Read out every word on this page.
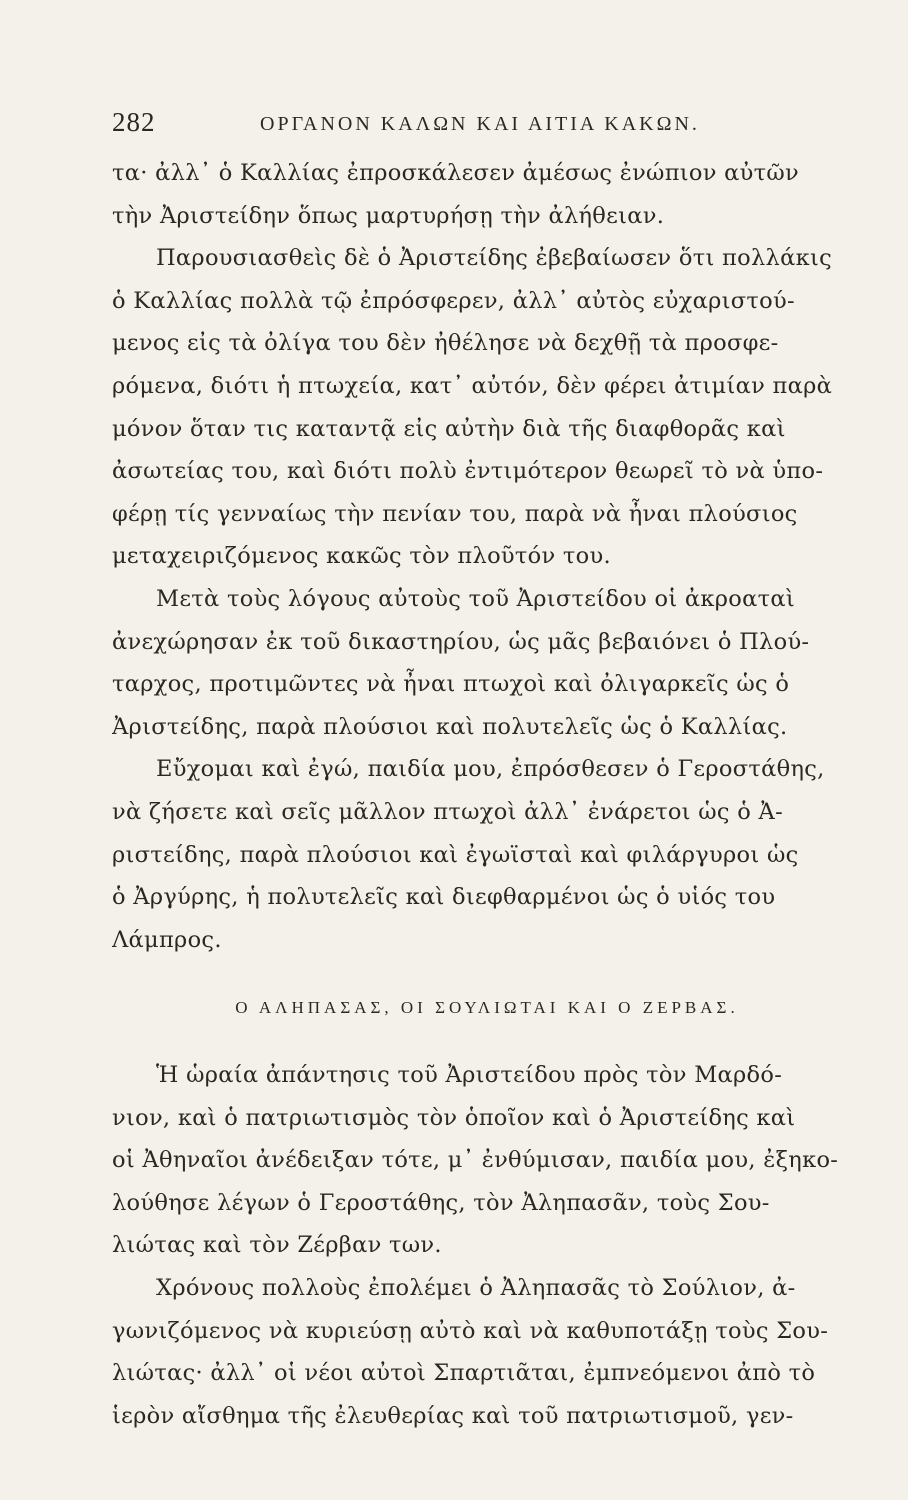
282	ΟΡΓΑΝΟΝ ΚΑΛΩΝ ΚΑΙ ΑΙΤΙΑ ΚΑΚΩΝ.
τα· ἀλλ᾽ ὁ Καλλίας ἐπροσκάλεσεν ἀμέσως ἐνώπιον αὐτῶν
τὴν Ἀριστείδην ὅπως μαρτυρήσῃ τὴν ἀλήθειαν.
Παρουσιασθεὶς δὲ ὁ Ἀριστείδης ἐβεβαίωσεν ὅτι πολλάκις
ὁ Καλλίας πολλὰ τῷ ἐπρόσφερεν, ἀλλ᾽ αὐτὸς εὐχαριστού-
μενος εἰς τὰ ὀλίγα του δὲν ἠθέλησε νὰ δεχθῇ τὰ προσφε-
ρόμενα, διότι ἡ πτωχεία, κατ᾽ αὐτόν, δὲν φέρει ἀτιμίαν παρὰ
μόνον ὅταν τις καταντᾷ εἰς αὐτὴν διὰ τῆς διαφθορᾶς καὶ
ἀσωτείας του, καὶ διότι πολὺ ἐντιμότερον θεωρεῖ τὸ νὰ ὑπο-
φέρῃ τίς γενναίως τὴν πενίαν του, παρὰ νὰ ἦναι πλούσιος
μεταχειριζόμενος κακῶς τὸν πλοῦτόν του.
Μετὰ τοὺς λόγους αὐτοὺς τοῦ Ἀριστείδου οἱ ἀκροαταὶ
ἀνεχώρησαν ἐκ τοῦ δικαστηρίου, ὡς μᾶς βεβαιόνει ὁ Πλού-
ταρχος, προτιμῶντες νὰ ἦναι πτωχοὶ καὶ ὀλιγαρκεῖς ὡς ὁ
Ἀριστείδης, παρὰ πλούσιοι καὶ πολυτελεῖς ὡς ὁ Καλλίας.
Εὔχομαι καὶ ἐγώ, παιδία μου, ἐπρόσθεσεν ὁ Γεροστάθης,
νὰ ζήσετε καὶ σεῖς μᾶλλον πτωχοὶ ἀλλ᾽ ἐνάρετοι ὡς ὁ Ἀ-
ριστείδης, παρὰ πλούσιοι καὶ ἐγωϊσταὶ καὶ φιλάργυροι ὡς
ὁ Ἀργύρης, ἡ πολυτελεῖς καὶ διεφθαρμένοι ὡς ὁ υἱός του
Λάμπρος.
Ο ΑΛΗΠΑΣΑΣ, ΟΙ ΣΟΥΛΙΩΤΑΙ ΚΑΙ Ο ΖΕΡΒΑΣ.
Ἡ ὡραία ἀπάντησις τοῦ Ἀριστείδου πρὸς τὸν Μαρδό-
νιον, καὶ ὁ πατριωτισμὸς τὸν ὁποῖον καὶ ὁ Ἀριστείδης καὶ
οἱ Ἀθηναῖοι ἀνέδειξαν τότε, μ᾽ ἐνθύμισαν, παιδία μου, ἐξηκο-
λούθησε λέγων ὁ Γεροστάθης, τὸν Ἀληπασᾶν, τοὺς Σου-
λιώτας καὶ τὸν Ζέρβαν των.
Χρόνους πολλοὺς ἐπολέμει ὁ Ἀληπασᾶς τὸ Σούλιον, ἀ-
γωνιζόμενος νὰ κυριεύσῃ αὐτὸ καὶ νὰ καθυποτάξῃ τοὺς Σου-
λιώτας· ἀλλ᾽ οἱ νέοι αὐτοὶ Σπαρτιᾶται, ἐμπνεόμενοι ἀπὸ τὸ
ἱερὸν αἴσθημα τῆς ἐλευθερίας καὶ τοῦ πατριωτισμοῦ, γεν-
